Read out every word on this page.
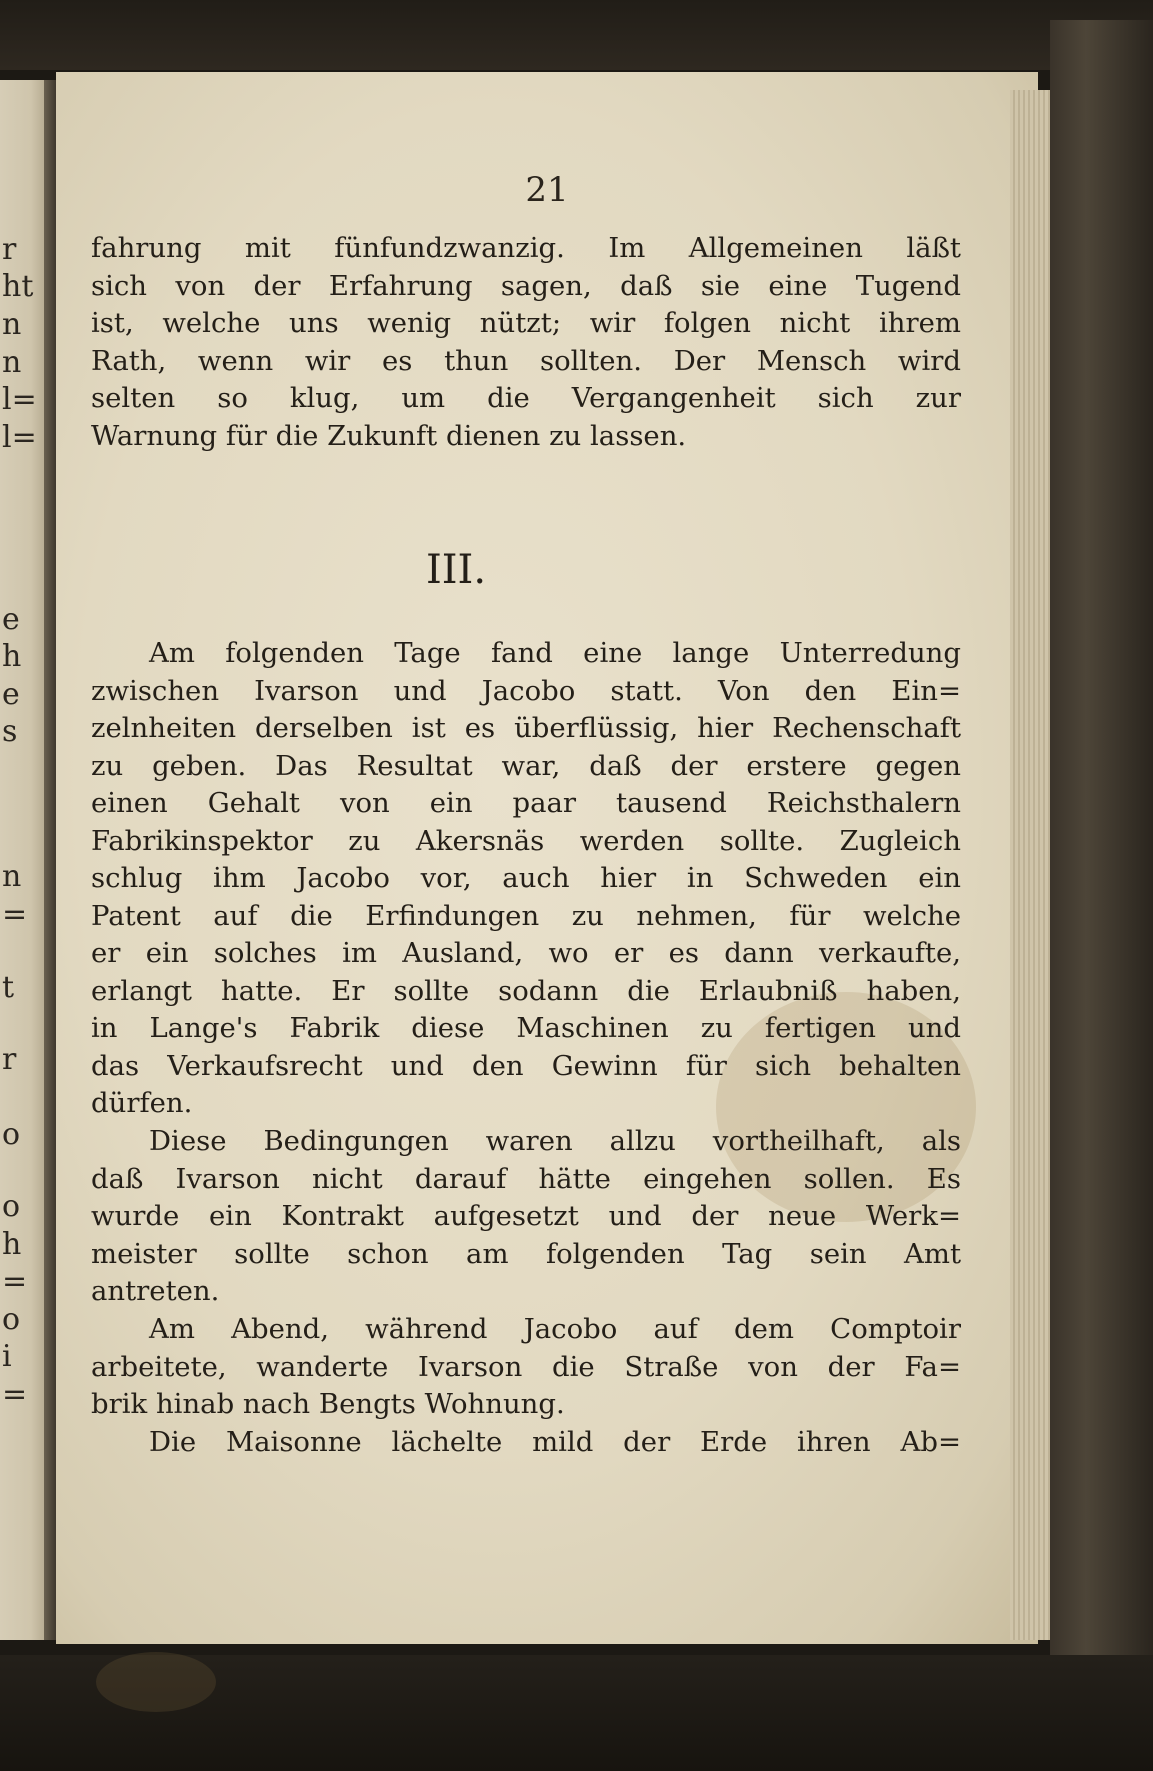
r
ht
n
n
l=
l=
e
h
e
s
n
=
t
r
o
o
h
=
o
i
=
21
fahrung mit fünfundzwanzig. Im Allgemeinen läßt
sich von der Erfahrung sagen, daß sie eine Tugend
ist, welche uns wenig nützt; wir folgen nicht ihrem
Rath, wenn wir es thun sollten. Der Mensch wird
selten so klug, um die Vergangenheit sich zur
Warnung für die Zukunft dienen zu lassen.
III.
Am folgenden Tage fand eine lange Unterredung
zwischen Ivarson und Jacobo statt. Von den Ein=
zelnheiten derselben ist es überflüssig, hier Rechenschaft
zu geben. Das Resultat war, daß der erstere gegen
einen Gehalt von ein paar tausend Reichsthalern
Fabrikinspektor zu Akersnäs werden sollte. Zugleich
schlug ihm Jacobo vor, auch hier in Schweden ein
Patent auf die Erfindungen zu nehmen, für welche
er ein solches im Ausland, wo er es dann verkaufte,
erlangt hatte. Er sollte sodann die Erlaubniß haben,
in Lange's Fabrik diese Maschinen zu fertigen und
das Verkaufsrecht und den Gewinn für sich behalten
dürfen.
Diese Bedingungen waren allzu vortheilhaft, als
daß Ivarson nicht darauf hätte eingehen sollen. Es
wurde ein Kontrakt aufgesetzt und der neue Werk=
meister sollte schon am folgenden Tag sein Amt
antreten.
Am Abend, während Jacobo auf dem Comptoir
arbeitete, wanderte Ivarson die Straße von der Fa=
brik hinab nach Bengts Wohnung.
Die Maisonne lächelte mild der Erde ihren Ab=
